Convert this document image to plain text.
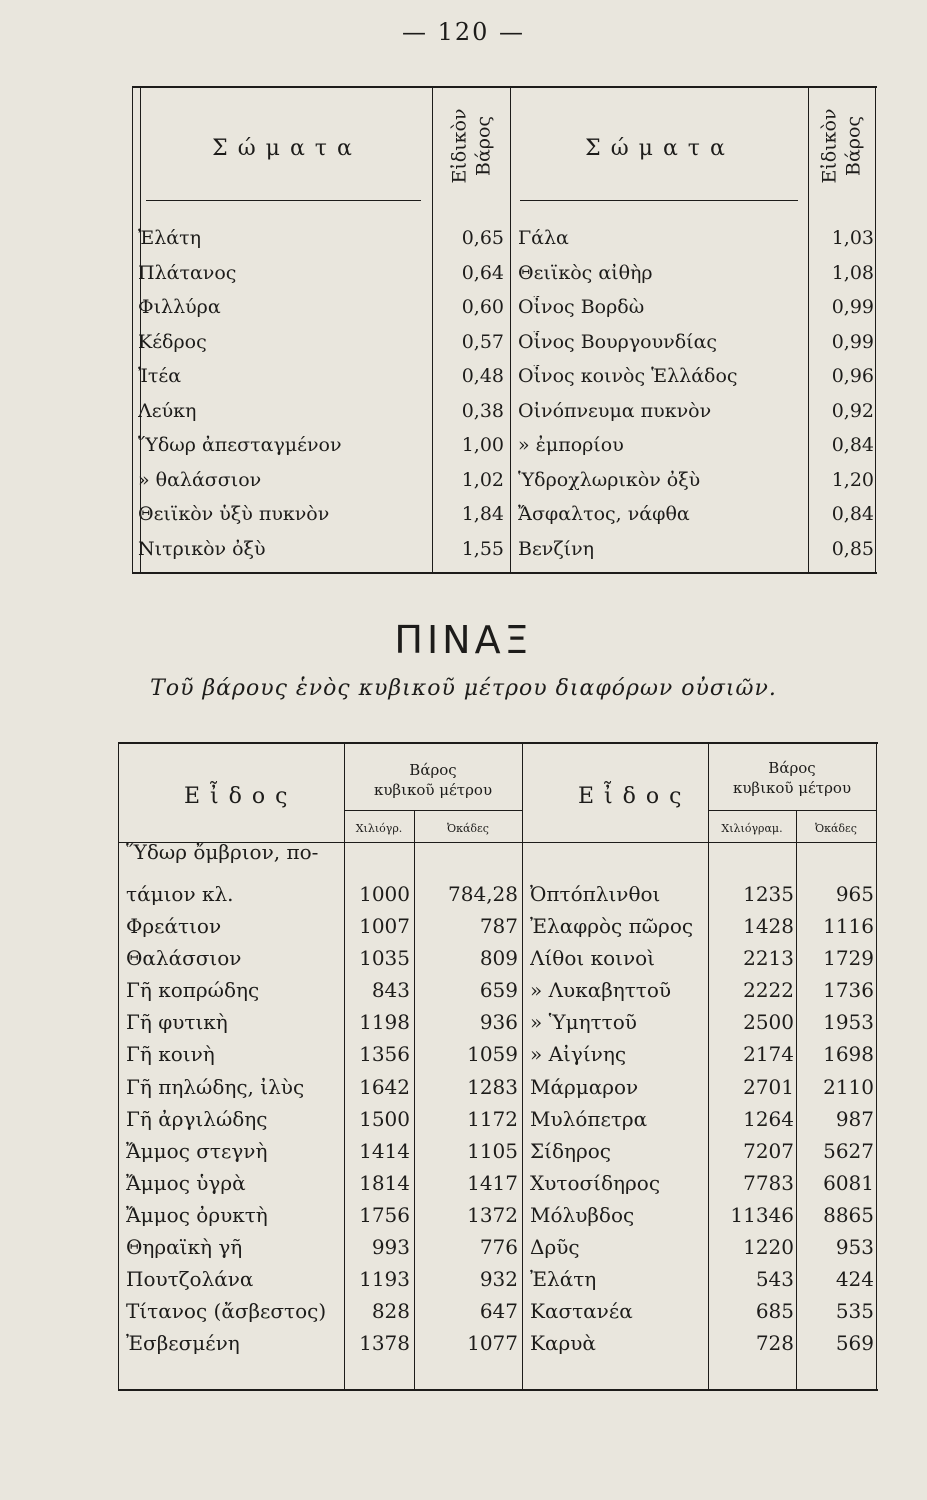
— 120 —
Σώματα	Εἰδικὸν Βάρος	Σώματα	Εἰδικὸν Βάρος
Ἐλάτη	0,65 Γάλα	1,03
Πλάτανος	0,64 Θειϊκὸς αἰθὴρ	1,08
Φιλλύρα	0,60 Οἶνος Βορδὼ	0,99
Κέδρος	0,57 Οἶνος Βουργουνδίας	0,99
Ἰτέα	0,48 Οἶνος κοινὸς Ἑλλάδος	0,96
Λεύκη	0,38 Οἰνόπνευμα πυκνὸν	0,92
Ὕδωρ ἀπεσταγμένον	1,00 » ἐμπορίου	0,84
» θαλάσσιον	1,02 Ὑδροχλωρικὸν ὀξὺ	1,20
Θειϊκὸν ὑξὺ πυκνὸν	1,84 Ἄσφαλτος, νάφθα	0,84
Νιτρικὸν ὀξὺ	1,55 Βενζίνη	0,85
ΠΙΝΑΞ
Τοῦ βάρους ἑνὸς κυβικοῦ μέτρου διαφόρων οὐσιῶν.
Εἶδος
Βάρος
κυβικοῦ μέτρου
Χιλιόγρ.	Ὀκάδες
Εἶδος
Βάρος
κυβικοῦ μέτρου
Χιλιόγραμ.	Ὀκάδες
Ὕδωρ ὄμβριον, πο-
τάμιον κλ.	1000	784,28 Ὀπτόπλινθοι	1235	965
Φρεάτιον	1007	787 Ἐλαφρὸς πῶρος	1428	1116
Θαλάσσιον	1035	809 Λίθοι κοινοὶ	2213	1729
Γῆ κοπρώδης	843	659 » Λυκαβηττοῦ	2222	1736
Γῆ φυτικὴ	1198	936 » Ὑμηττοῦ	2500	1953
Γῆ κοινὴ	1356	1059 » Αἰγίνης	2174	1698
Γῆ πηλώδης, ἰλὺς	1642	1283 Μάρμαρον	2701	2110
Γῆ ἀργιλώδης	1500	1172 Μυλόπετρα	1264	987
Ἄμμος στεγνὴ	1414	1105 Σίδηρος	7207	5627
Ἄμμος ὑγρὰ	1814	1417 Χυτοσίδηρος	7783	6081
Ἄμμος ὀρυκτὴ	1756	1372 Μόλυβδος	11346	8865
Θηραϊκὴ γῆ	993	776 Δρῦς	1220	953
Πουτζολάνα	1193	932 Ἐλάτη	543	424
Τίτανος (ἄσβεστος)	828	647 Καστανέα	685	535
Ἐσβεσμένη	1378	1077 Καρυὰ	728	569
